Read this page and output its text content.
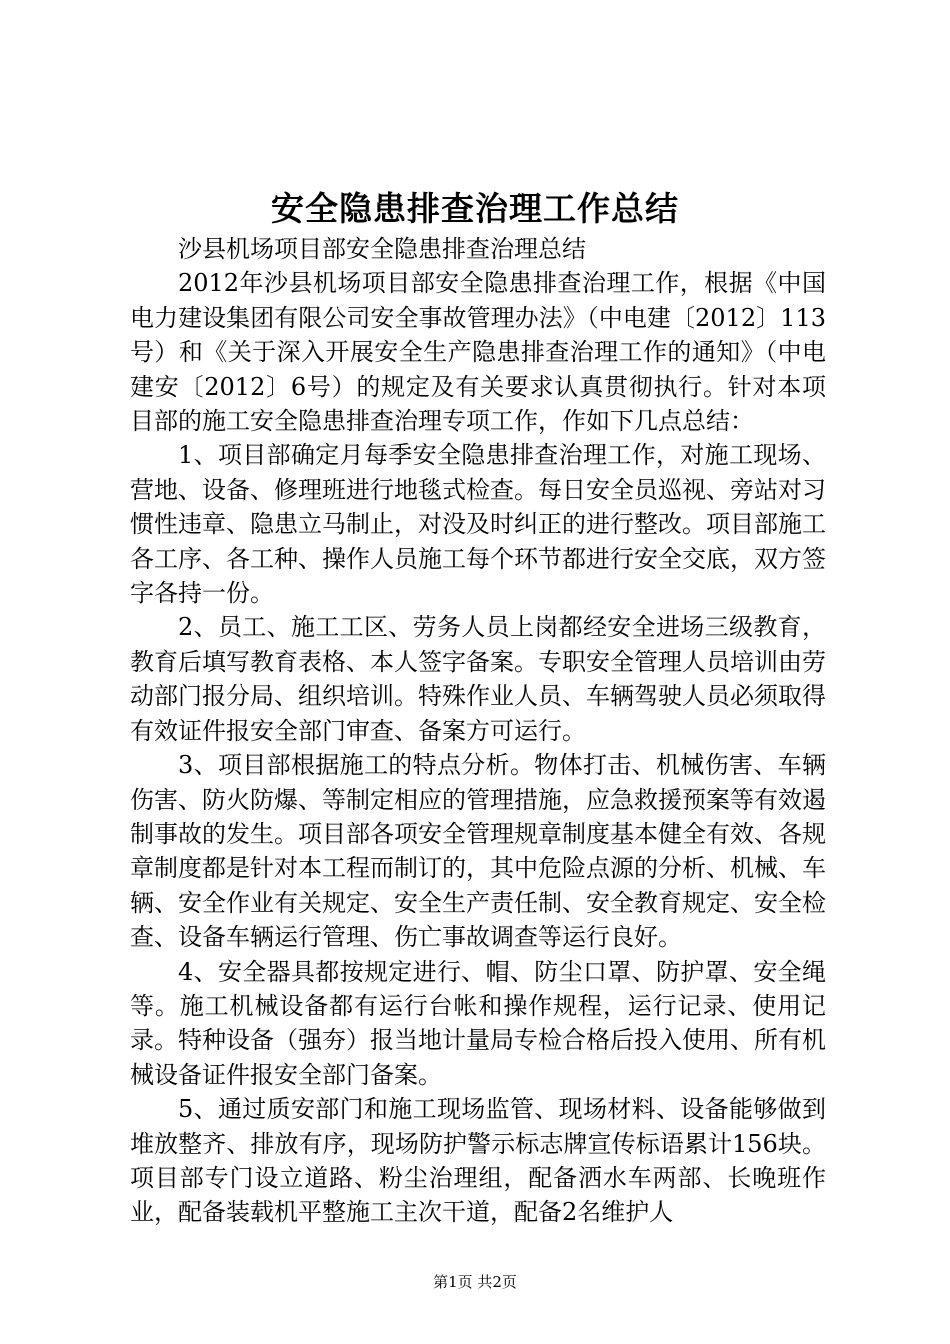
安全隐患排查治理工作总结

沙县机场项目部安全隐患排查治理总结

2012年沙县机场项目部安全隐患排查治理工作，根据《中国电力建设集团有限公司安全事故管理办法》（中电建〔2012〕113号）和《关于深入开展安全生产隐患排查治理工作的通知》（中电建安〔2012〕6号）的规定及有关要求认真贯彻执行。针对本项目部的施工安全隐患排查治理专项工作，作如下几点总结：

1、项目部确定月每季安全隐患排查治理工作，对施工现场、营地、设备、修理班进行地毯式检查。每日安全员巡视、旁站对习惯性违章、隐患立马制止，对没及时纠正的进行整改。项目部施工各工序、各工种、操作人员施工每个环节都进行安全交底，双方签字各持一份。

2、员工、施工工区、劳务人员上岗都经安全进场三级教育，教育后填写教育表格、本人签字备案。专职安全管理人员培训由劳动部门报分局、组织培训。特殊作业人员、车辆驾驶人员必须取得有效证件报安全部门审查、备案方可运行。

3、项目部根据施工的特点分析。物体打击、机械伤害、车辆伤害、防火防爆、等制定相应的管理措施，应急救援预案等有效遏制事故的发生。项目部各项安全管理规章制度基本健全有效、各规章制度都是针对本工程而制订的，其中危险点源的分析、机械、车辆、安全作业有关规定、安全生产责任制、安全教育规定、安全检查、设备车辆运行管理、伤亡事故调查等运行良好。

4、安全器具都按规定进行、帽、防尘口罩、防护罩、安全绳等。施工机械设备都有运行台帐和操作规程，运行记录、使用记录。特种设备（强夯）报当地计量局专检合格后投入使用、所有机械设备证件报安全部门备案。

5、通过质安部门和施工现场监管、现场材料、设备能够做到堆放整齐、排放有序，现场防护警示标志牌宣传标语累计156块。项目部专门设立道路、粉尘治理组，配备洒水车两部、长晚班作业，配备装载机平整施工主次干道，配备2名维护人

第1页 共2页
